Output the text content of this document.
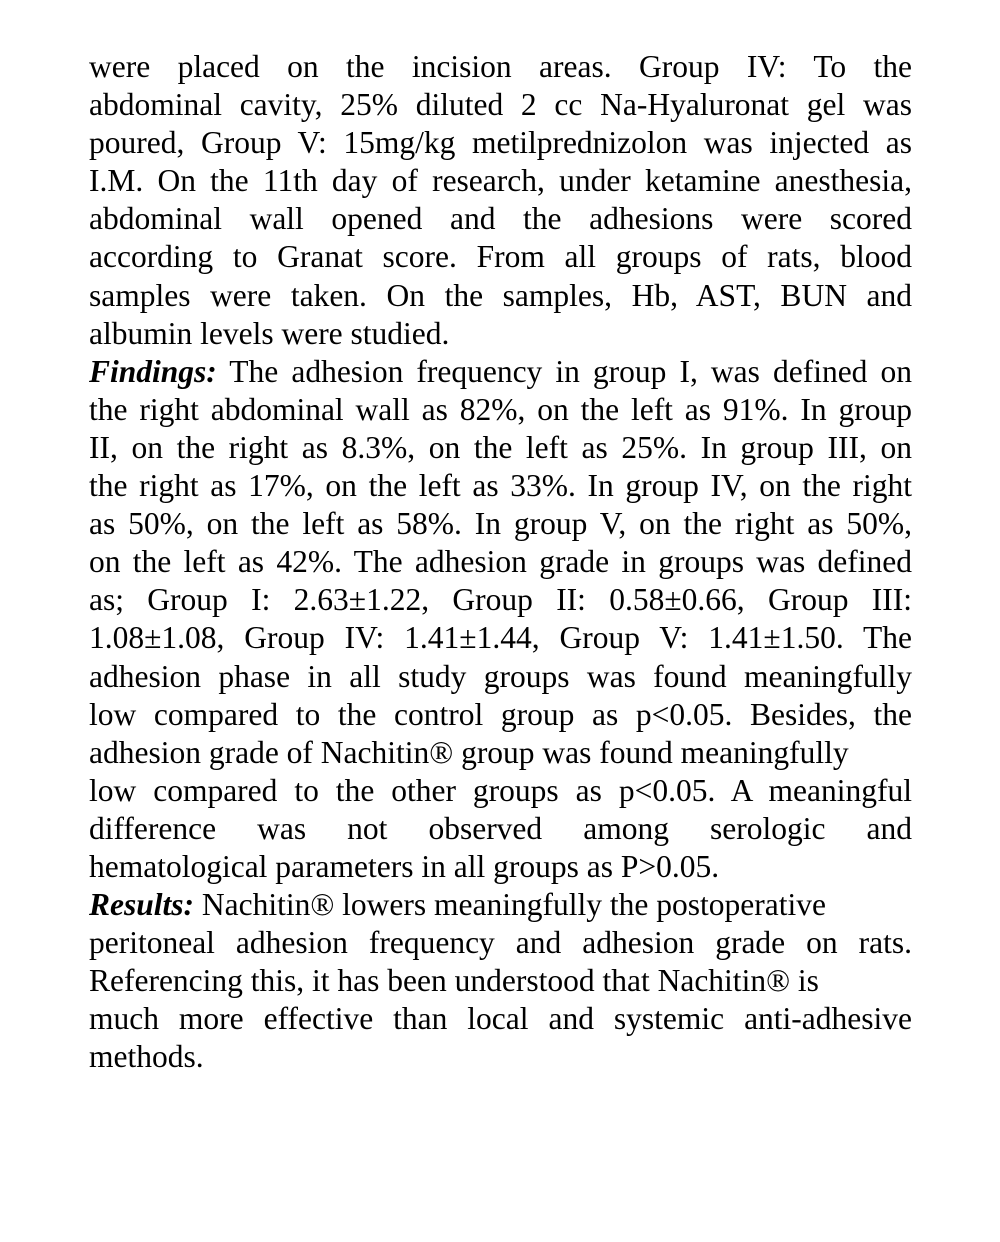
were placed on the incision areas. Group IV: To the
abdominal cavity, 25% diluted 2 cc Na-Hyaluronat gel was
poured, Group V: 15mg/kg metilprednizolon was injected as
I.M. On the 11th day of research, under ketamine anesthesia,
abdominal wall opened and the adhesions were scored
according to Granat score. From all groups of rats, blood
samples were taken. On the samples, Hb, AST, BUN and
albumin levels were studied.
Findings: The adhesion frequency in group I, was defined on
the right abdominal wall as 82%, on the left as 91%. In group
II, on the right as 8.3%, on the left as 25%. In group III, on
the right as 17%, on the left as 33%. In group IV, on the right
as 50%, on the left as 58%. In group V, on the right as 50%,
on the left as 42%. The adhesion grade in groups was defined
as; Group I: 2.63±1.22, Group II: 0.58±0.66, Group III:
1.08±1.08, Group IV: 1.41±1.44, Group V: 1.41±1.50. The
adhesion phase in all study groups was found meaningfully
low compared to the control group as p<0.05. Besides, the
adhesion grade of Nachitin® group was found meaningfully
low compared to the other groups as p<0.05. A meaningful
difference was not observed among serologic and
hematological parameters in all groups as P>0.05.
Results: Nachitin® lowers meaningfully the postoperative
peritoneal adhesion frequency and adhesion grade on rats.
Referencing this, it has been understood that Nachitin® is
much more effective than local and systemic anti-adhesive
methods.
